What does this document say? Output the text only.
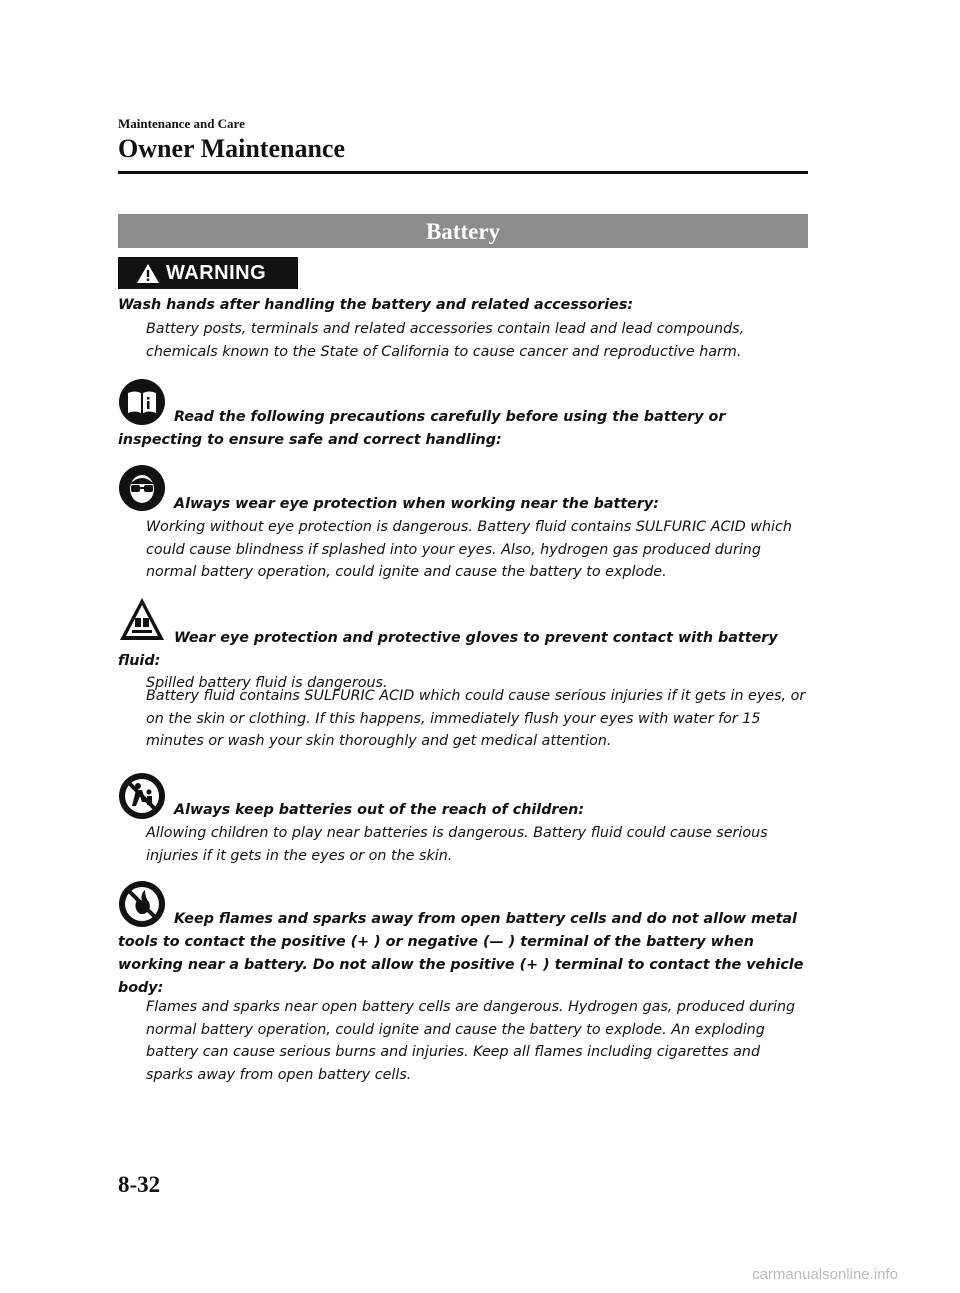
Maintenance and Care
Owner Maintenance
Battery
WARNING
Wash hands after handling the battery and related accessories:
Battery posts, terminals and related accessories contain lead and lead compounds, chemicals known to the State of California to cause cancer and reproductive harm.
Read the following precautions carefully before using the battery or inspecting to ensure safe and correct handling:
Always wear eye protection when working near the battery:
Working without eye protection is dangerous. Battery fluid contains SULFURIC ACID which could cause blindness if splashed into your eyes. Also, hydrogen gas produced during normal battery operation, could ignite and cause the battery to explode.
Wear eye protection and protective gloves to prevent contact with battery fluid:
Spilled battery fluid is dangerous.
Battery fluid contains SULFURIC ACID which could cause serious injuries if it gets in eyes, or on the skin or clothing. If this happens, immediately flush your eyes with water for 15 minutes or wash your skin thoroughly and get medical attention.
Always keep batteries out of the reach of children:
Allowing children to play near batteries is dangerous. Battery fluid could cause serious injuries if it gets in the eyes or on the skin.
Keep flames and sparks away from open battery cells and do not allow metal tools to contact the positive (+ ) or negative (— ) terminal of the battery when working near a battery. Do not allow the positive (+ ) terminal to contact the vehicle body:
Flames and sparks near open battery cells are dangerous. Hydrogen gas, produced during normal battery operation, could ignite and cause the battery to explode. An exploding battery can cause serious burns and injuries. Keep all flames including cigarettes and sparks away from open battery cells.
8-32
carmanualsonline.info
